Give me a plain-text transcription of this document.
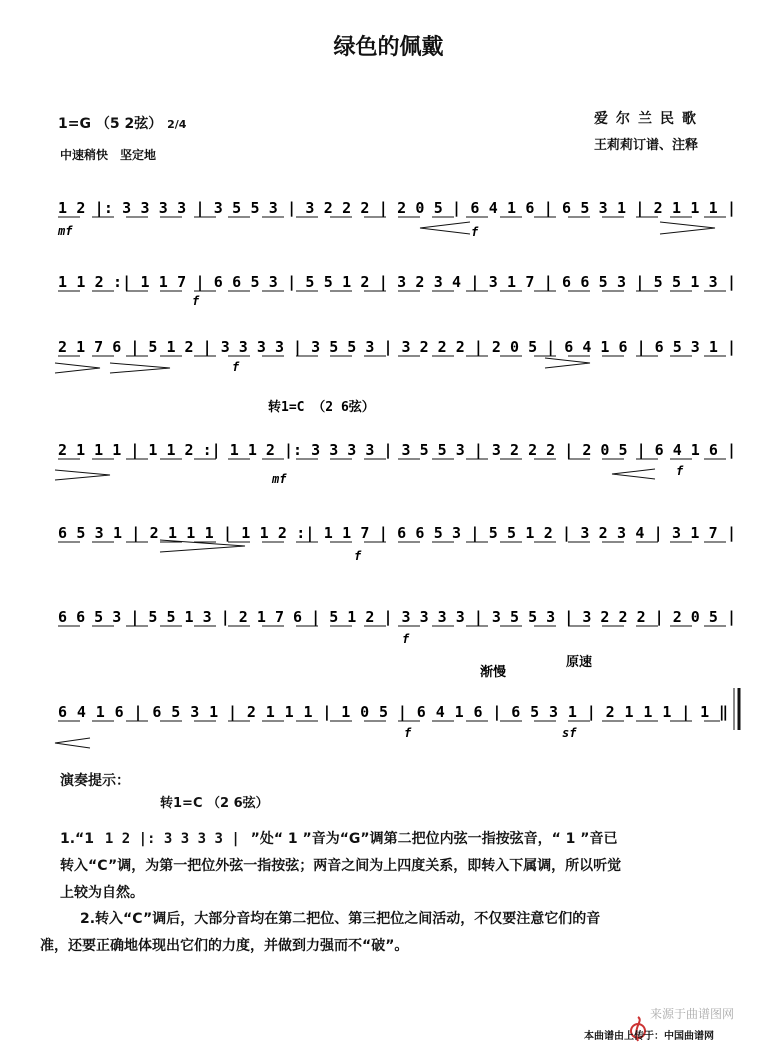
绿色的佩戴
1=G （5 2弦） 2/4
中速稍快　坚定地
爱尔兰民歌
王莉莉订谱、注释
1 2 |: 3 3 3 3 | 3 5 5 3 | 3 2 2 2 | 2 0 5 | 6 4 1 6 | 6 5 3 1 | 2 1 1 1 |
1 1 2 :| 1 1 7 | 6 6 5 3 | 5 5 1 2 | 3 2 3 4 | 3 1 7 | 6 6 5 3 | 5 5 1 3 |
2 1 7 6 | 5 1 2 | 3 3 3 3 | 3 5 5 3 | 3 2 2 2 | 2 0 5 | 6 4 1 6 | 6 5 3 1 |
2 1 1 1 | 1 1 2 :| 1 1 2 |: 3 3 3 3 | 3 5 5 3 | 3 2 2 2 | 2 0 5 | 6 4 1 6 |
6 5 3 1 | 2 1 1 1 | 1 1 2 :| 1 1 7 | 6 6 5 3 | 5 5 1 2 | 3 2 3 4 | 3 1 7 |
6 6 5 3 | 5 5 1 3 | 2 1 7 6 | 5 1 2 | 3 3 3 3 | 3 5 5 3 | 3 2 2 2 | 2 0 5 |
6 4 1 6 | 6 5 3 1 | 2 1 1 1 | 1 0 5 | 6 4 1 6 | 6 5 3 1 | 2 1 1 1 | 1 ‖
转1=C （2 6弦）
渐慢
原速
mf	f
f
f
mf
f
f
f
f	sf
演奏提示：
转1=C （2 6弦）
1.“1 1 2 |: 3 3 3 3 | ”处“ 1 ”音为“G”调第二把位内弦一指按弦音，“ 1 ”音已
转入“C”调，为第一把位外弦一指按弦；两音之间为上四度关系，即转入下属调，所以听觉
上较为自然。
2.转入“C”调后，大部分音均在第二把位、第三把位之间活动，不仅要注意它们的音
准，还要正确地体现出它们的力度，并做到力强而不“破”。
来源于曲谱图网
本曲谱由上传于：中国曲谱网
